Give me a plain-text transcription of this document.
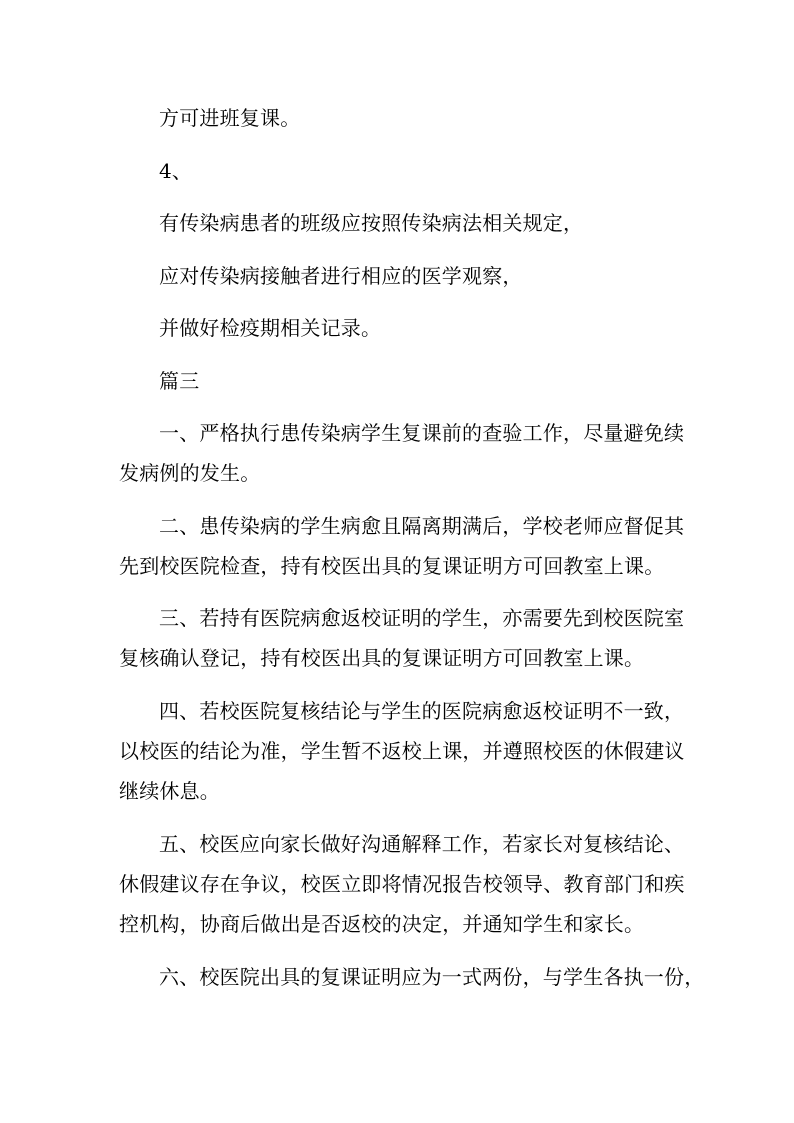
方可进班复课。
4、
有传染病患者的班级应按照传染病法相关规定，
应对传染病接触者进行相应的医学观察，
并做好检疫期相关记录。
篇三
一、严格执行患传染病学生复课前的查验工作，尽量避免续
发病例的发生。
二、患传染病的学生病愈且隔离期满后，学校老师应督促其
先到校医院检查，持有校医出具的复课证明方可回教室上课。
三、若持有医院病愈返校证明的学生，亦需要先到校医院室
复核确认登记，持有校医出具的复课证明方可回教室上课。
四、若校医院复核结论与学生的医院病愈返校证明不一致，
以校医的结论为准，学生暂不返校上课，并遵照校医的休假建议
继续休息。
五、校医应向家长做好沟通解释工作，若家长对复核结论、
休假建议存在争议，校医立即将情况报告校领导、教育部门和疾
控机构，协商后做出是否返校的决定，并通知学生和家长。
六、校医院出具的复课证明应为一式两份，与学生各执一份，
